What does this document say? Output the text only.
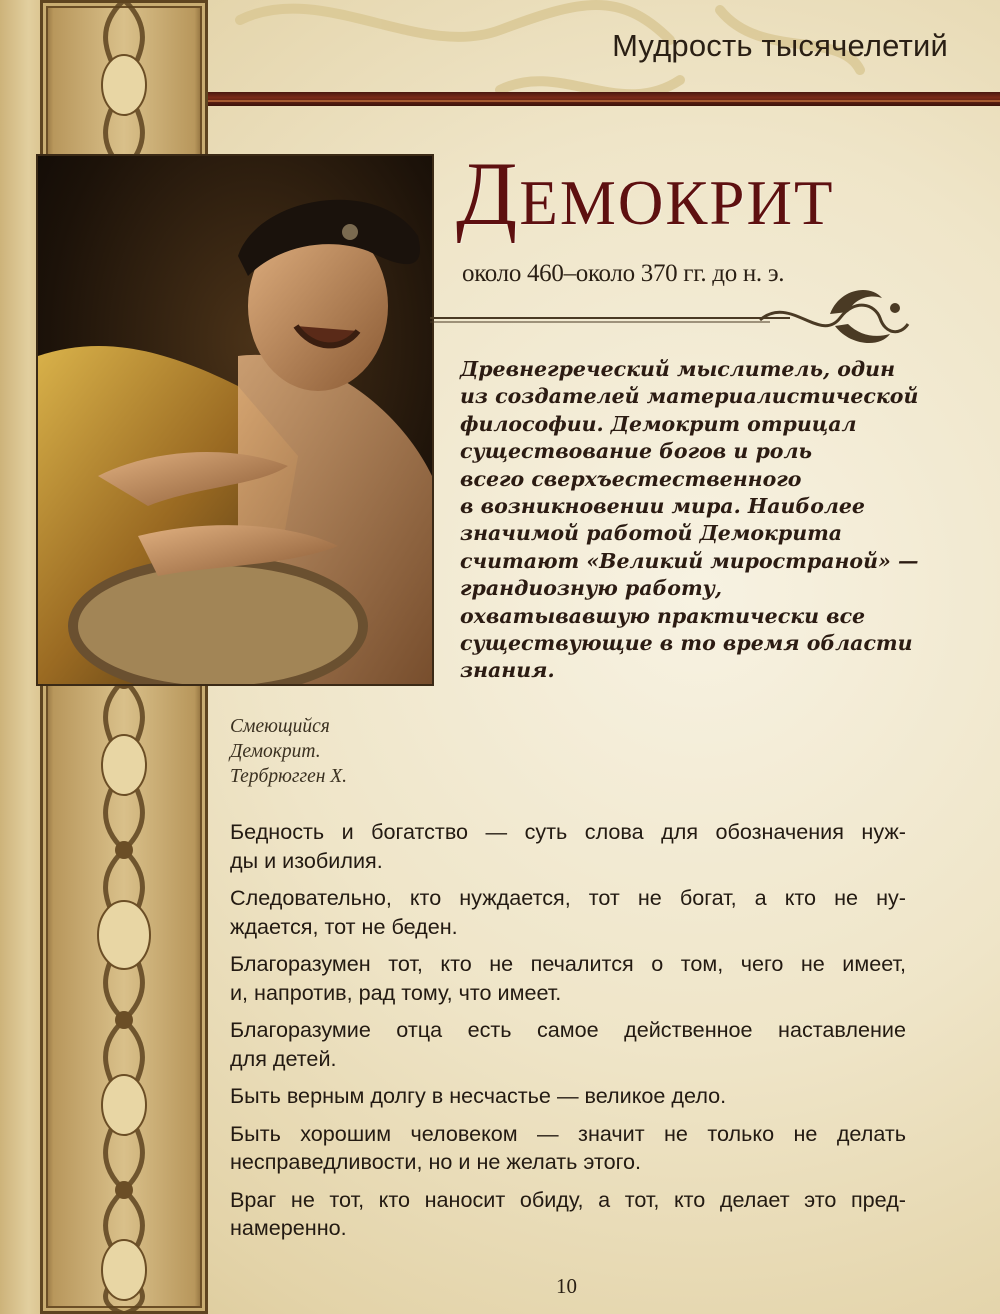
Мудрость тысячелетий
Смеющийся
Демокрит.
Тербрюгген Х.
Демокрит
около 460–около 370 гг. до н. э.
Древнегреческий мыслитель, один
из создателей материалистической
философии. Демокрит отрицал
существование богов и роль
всего сверхъестественного
в возникновении мира. Наиболее
значимой работой Демокрита
считают «Великий миространой» —
грандиозную работу,
охватывавшую практически все
существующие в то время области
знания.
Бедность и богатство — суть слова для обозначения нуж-
ды и изобилия.
Следовательно, кто нуждается, тот не богат, а кто не ну-
ждается, тот не беден.
Благоразумен тот, кто не печалится о том, чего не имеет,
и, напротив, рад тому, что имеет.
Благоразумие отца есть самое действенное наставление
для детей.
Быть верным долгу в несчастье — великое дело.
Быть хорошим человеком — значит не только не делать
несправедливости, но и не желать этого.
Враг не тот, кто наносит обиду, а тот, кто делает это пред-
намеренно.
10
